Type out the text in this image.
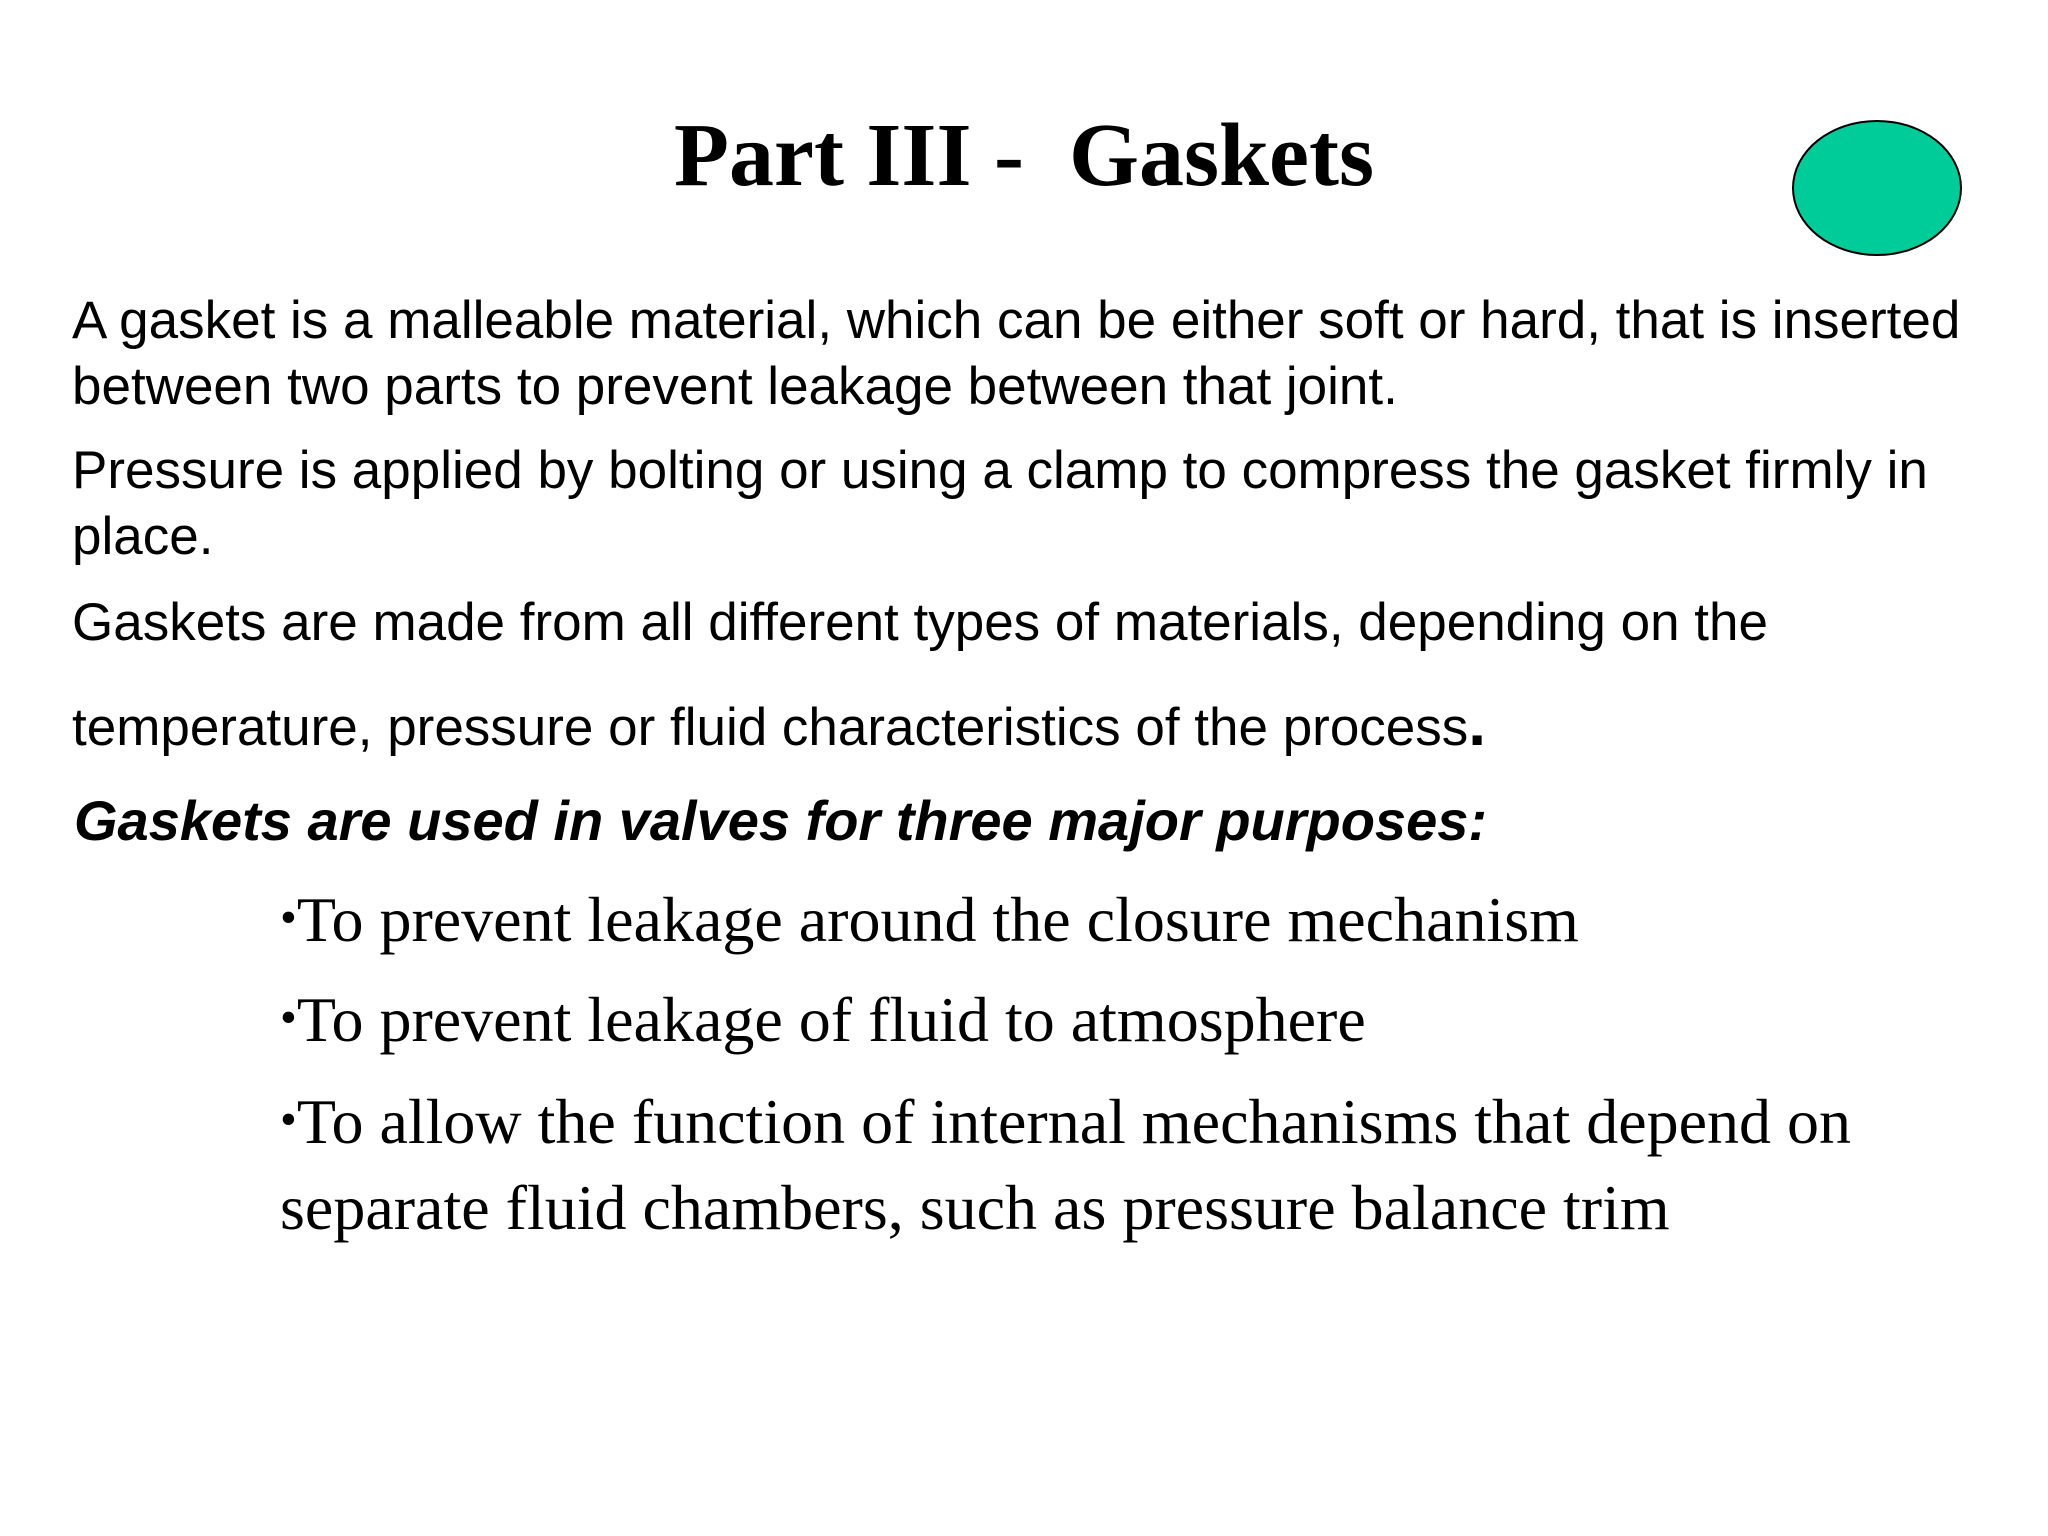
Part III -  Gaskets
A gasket is a malleable material, which can be either soft or hard, that is inserted between two parts to prevent leakage between that joint.
Pressure is applied by bolting or using a clamp to compress the gasket firmly in place.
Gaskets are made from all different types of materials, depending on the
temperature, pressure or fluid characteristics of the process.
Gaskets are used in valves for three major purposes:
•To prevent leakage around the closure mechanism
•To prevent leakage of fluid to atmosphere
•To allow the function of internal mechanisms that depend on separate fluid chambers, such as pressure balance trim
